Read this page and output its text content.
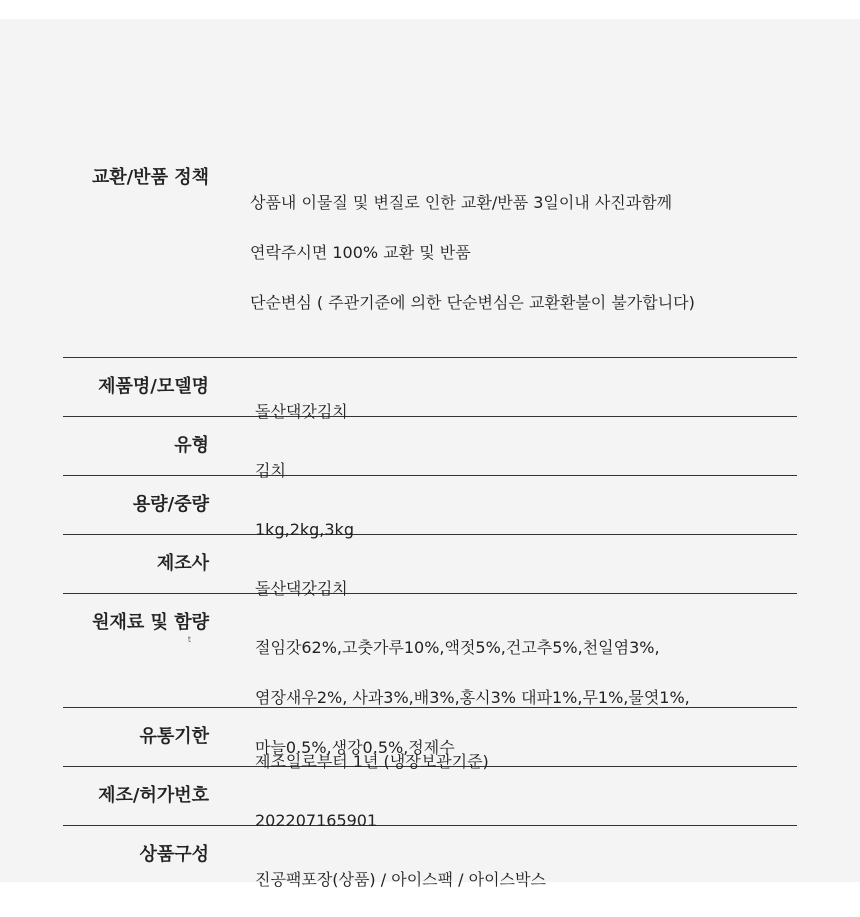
교환/반품 정책

상품내 이물질 및 변질로 인한 교환/반품 3일이내 사진과함께

연락주시면 100% 교환 및 반품

단순변심 ( 주관기준에 의한 단순변심은 교환환불이 불가합니다)

제품명/모델명

돌산댁갓김치

유형

김치

용량/중량

1kg,2kg,3kg

제조사

돌산댁갓김치

원재료 및 함량
t	절임갓62%,고춧가루10%,액젓5%,건고추5%,천일염3%,

염장새우2%, 사과3%,배3%,홍시3% 대파1%,무1%,물엿1%,

마늘0.5%,생강0.5%,정제수

유통기한

제조일로부터 1년 (냉장보관기준)

제조/허가번호

202207165901

상품구성

진공팩포장(상품) / 아이스팩 / 아이스박스
